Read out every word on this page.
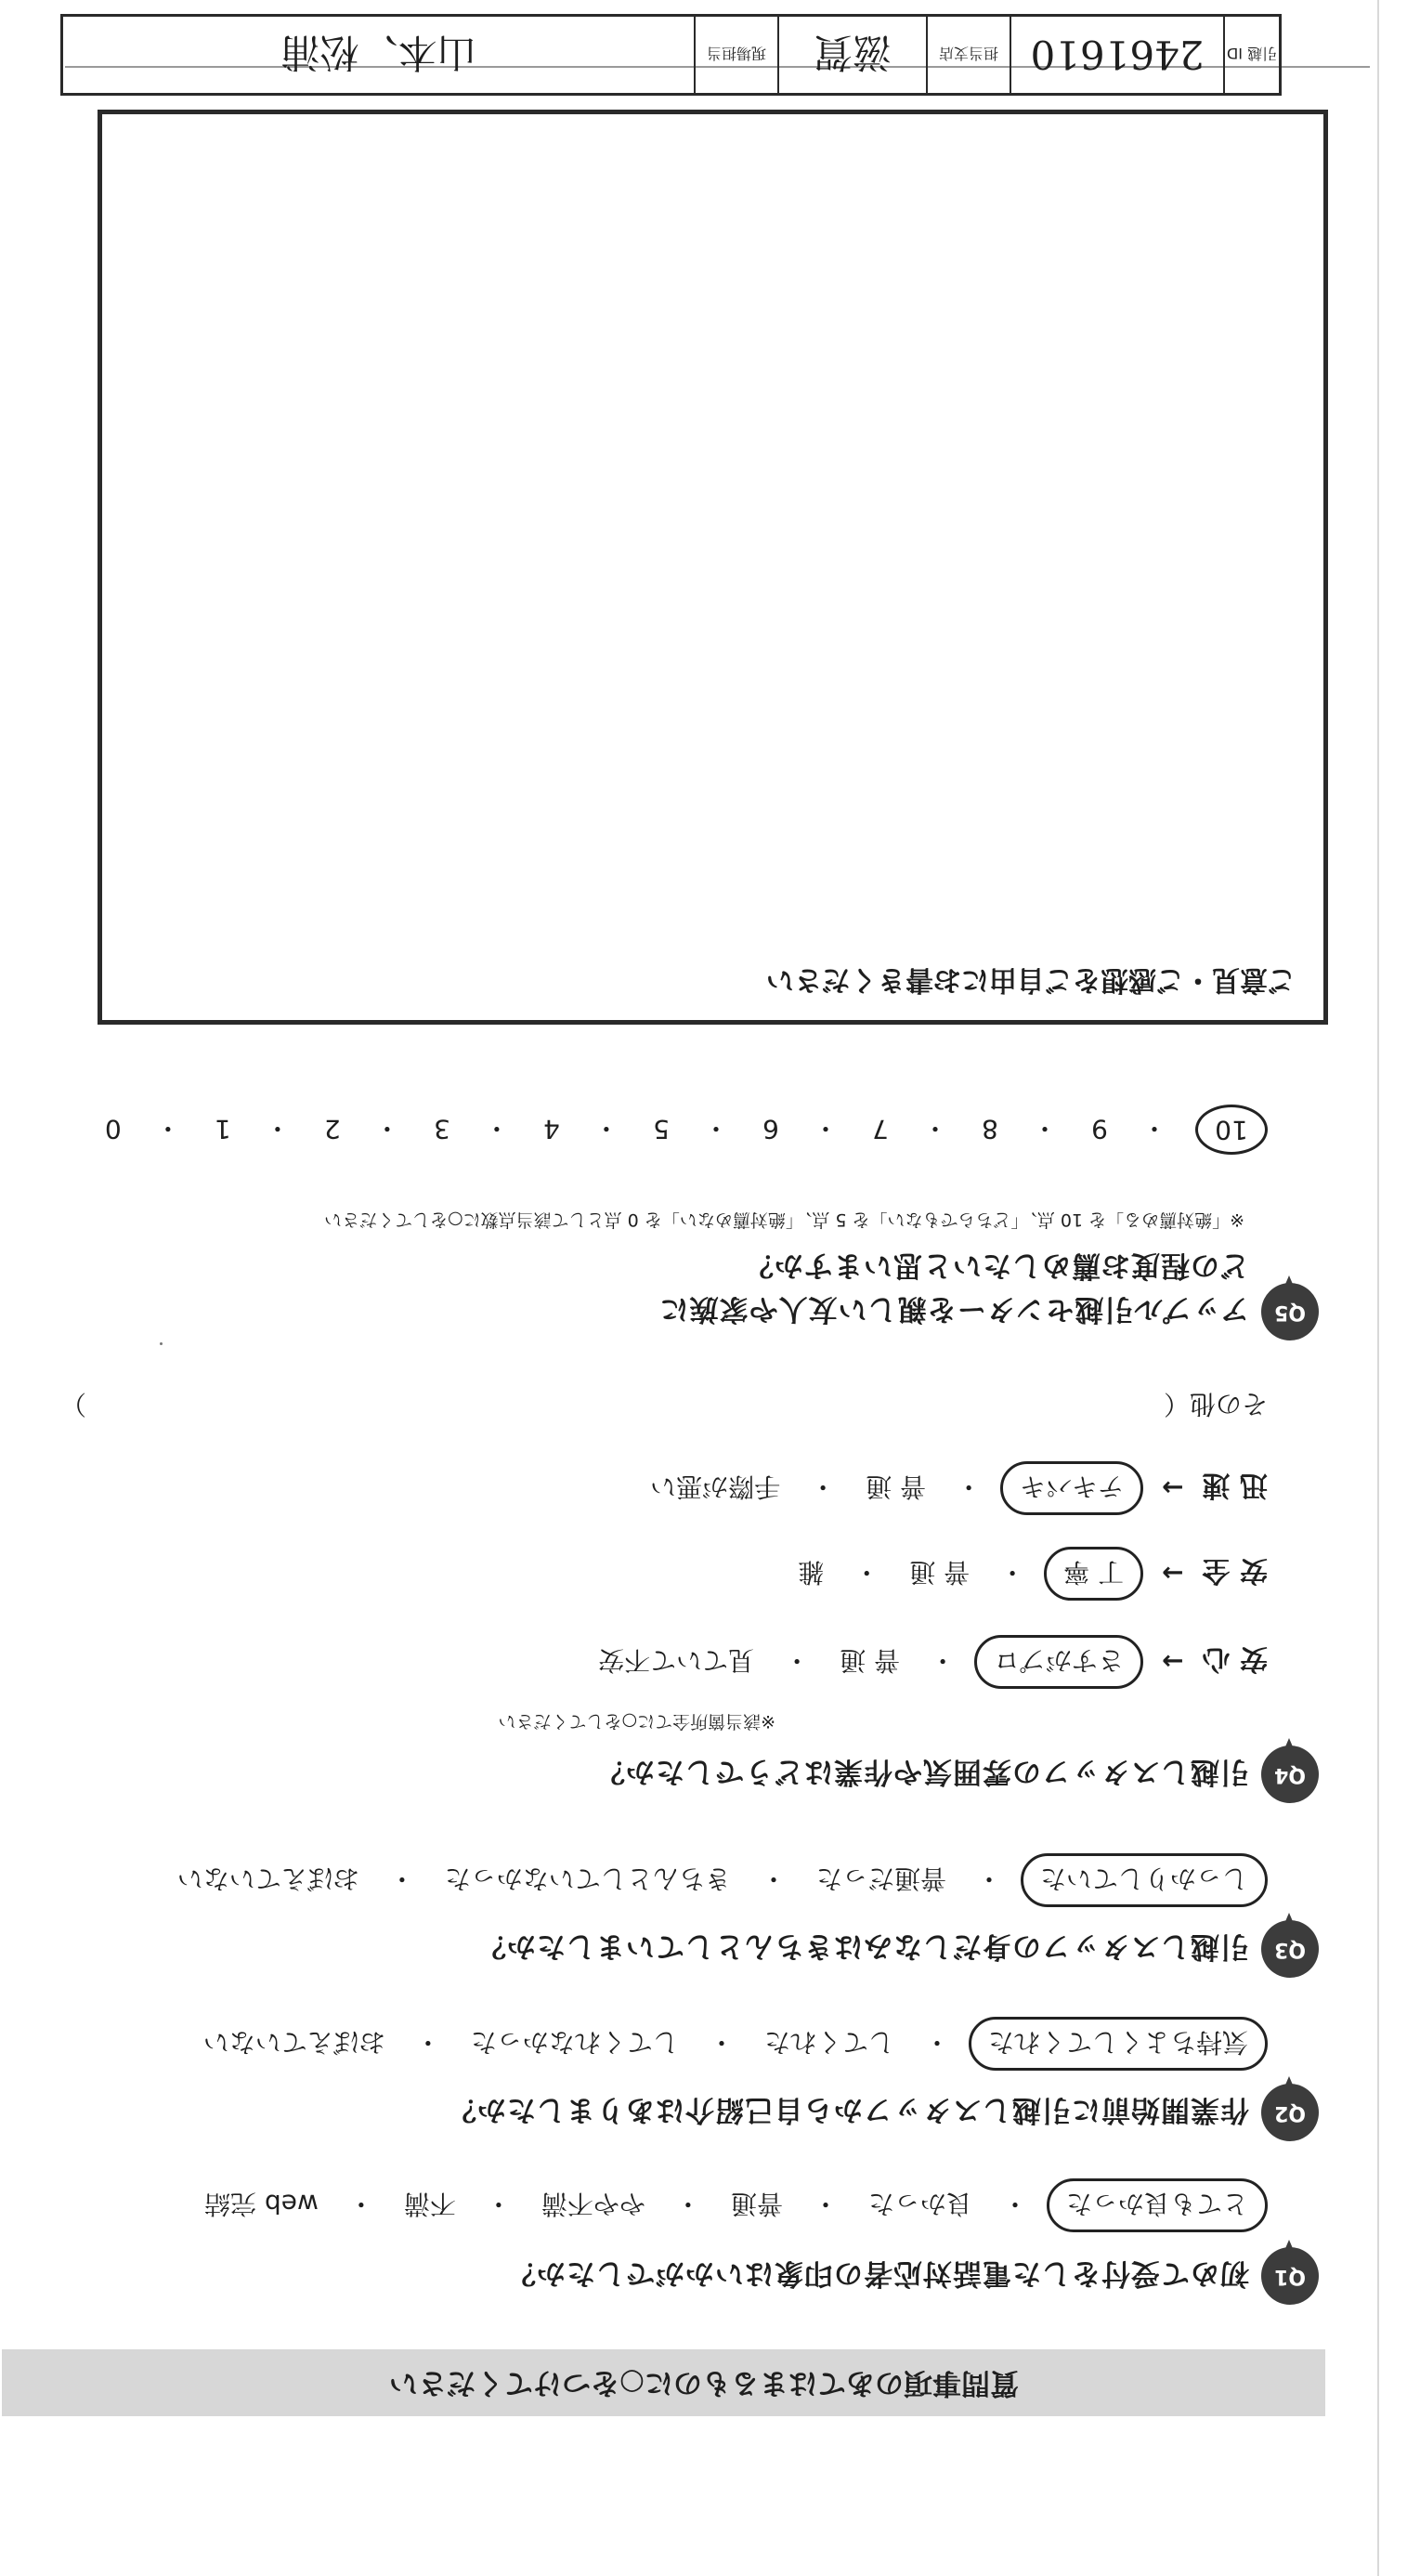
質問事項のあてはまるものに○をつけてください
Q1
初めて受付をした電話対応者の印象はいかがでしたか？
とても良かった
・
良かった
・
普通
・
やや不満
・
不満
・
web 完結
Q2
作業開始前に引越しスタッフから自己紹介はありましたか？
気持ちよくしてくれた
・
してくれた
・
してくれなかった
・
おぼえていない
Q3
引越しスタッフの身だしなみはきちんとしていましたか？
しっかりしていた
・
普通だった
・
きちんとしていなかった
・
おぼえていない
Q4
引越しスタッフの雰囲気や作業はどうでしたか？
※該当箇所全てに○をしてください
安 心
→
さすがプロ
・
普 通
・
見ていて不安
安 全
→
丁 寧
・
普 通
・
雑
迅 速
→
テキパキ
・
普 通
・
手際が悪い
その他（
）
Q5
アップル引越センターを親しい友人や家族に
どの程度お薦めしたいと思いますか？
※「絶対薦める」を 10 点、「どちらでもない」を 5 点、「絶対薦めない」を 0 点として該当点数に○をしてください
10
・
9
・
8
・
7
・
6
・
5
・
4
・
3
・
2
・
1
・
0
ご意見・ご感想をご自由にお書きください
引越 ID
2461610
担当支店
滋賀
現場担当
山本、松浦
